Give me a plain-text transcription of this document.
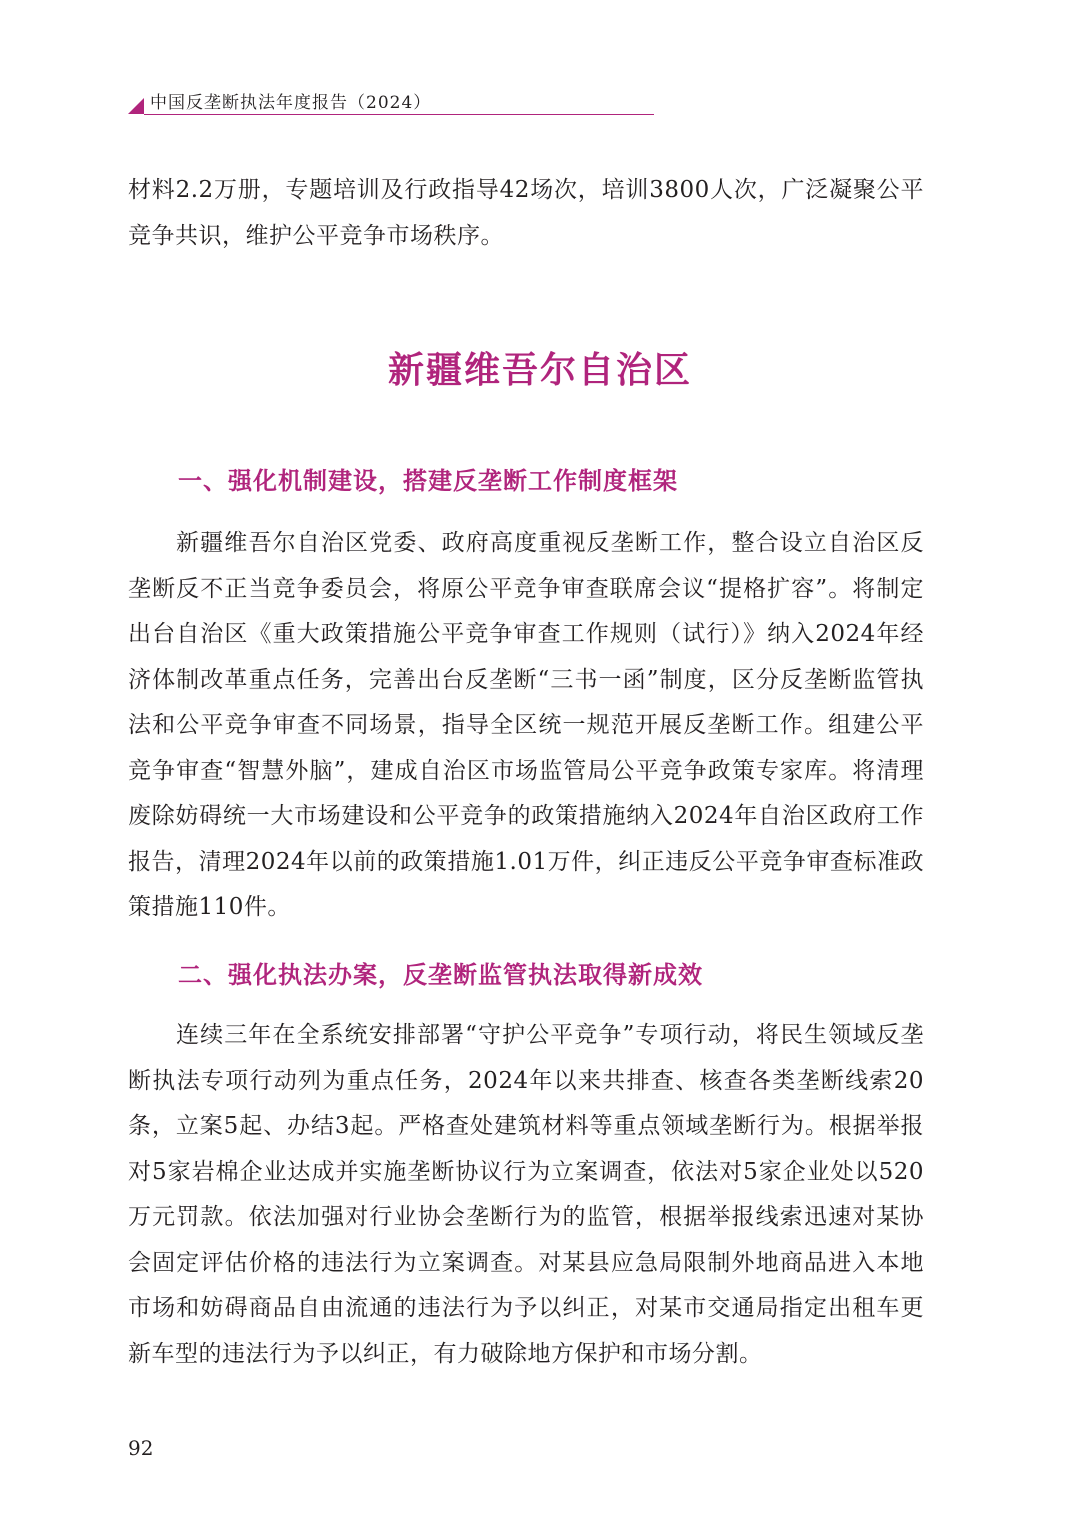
中国反垄断执法年度报告（2024）

材料2.2万册，专题培训及行政指导42场次，培训3800人次，广泛凝聚公平竞争共识，维护公平竞争市场秩序。

新疆维吾尔自治区
一、强化机制建设，搭建反垄断工作制度框架

新疆维吾尔自治区党委、政府高度重视反垄断工作，整合设立自治区反垄断反不正当竞争委员会，将原公平竞争审查联席会议“提格扩容”。将制定出台自治区《重大政策措施公平竞争审查工作规则（试行）》纳入2024年经济体制改革重点任务，完善出台反垄断“三书一函”制度，区分反垄断监管执法和公平竞争审查不同场景，指导全区统一规范开展反垄断工作。组建公平竞争审查“智慧外脑”，建成自治区市场监管局公平竞争政策专家库。将清理废除妨碍统一大市场建设和公平竞争的政策措施纳入2024年自治区政府工作报告，清理2024年以前的政策措施1.01万件，纠正违反公平竞争审查标准政策措施110件。

二、强化执法办案，反垄断监管执法取得新成效

连续三年在全系统安排部署“守护公平竞争”专项行动，将民生领域反垄断执法专项行动列为重点任务，2024年以来共排查、核查各类垄断线索20条，立案5起、办结3起。严格查处建筑材料等重点领域垄断行为。根据举报对5家岩棉企业达成并实施垄断协议行为立案调查，依法对5家企业处以520万元罚款。依法加强对行业协会垄断行为的监管，根据举报线索迅速对某协会固定评估价格的违法行为立案调查。对某县应急局限制外地商品进入本地市场和妨碍商品自由流通的违法行为予以纠正，对某市交通局指定出租车更新车型的违法行为予以纠正，有力破除地方保护和市场分割。

92
